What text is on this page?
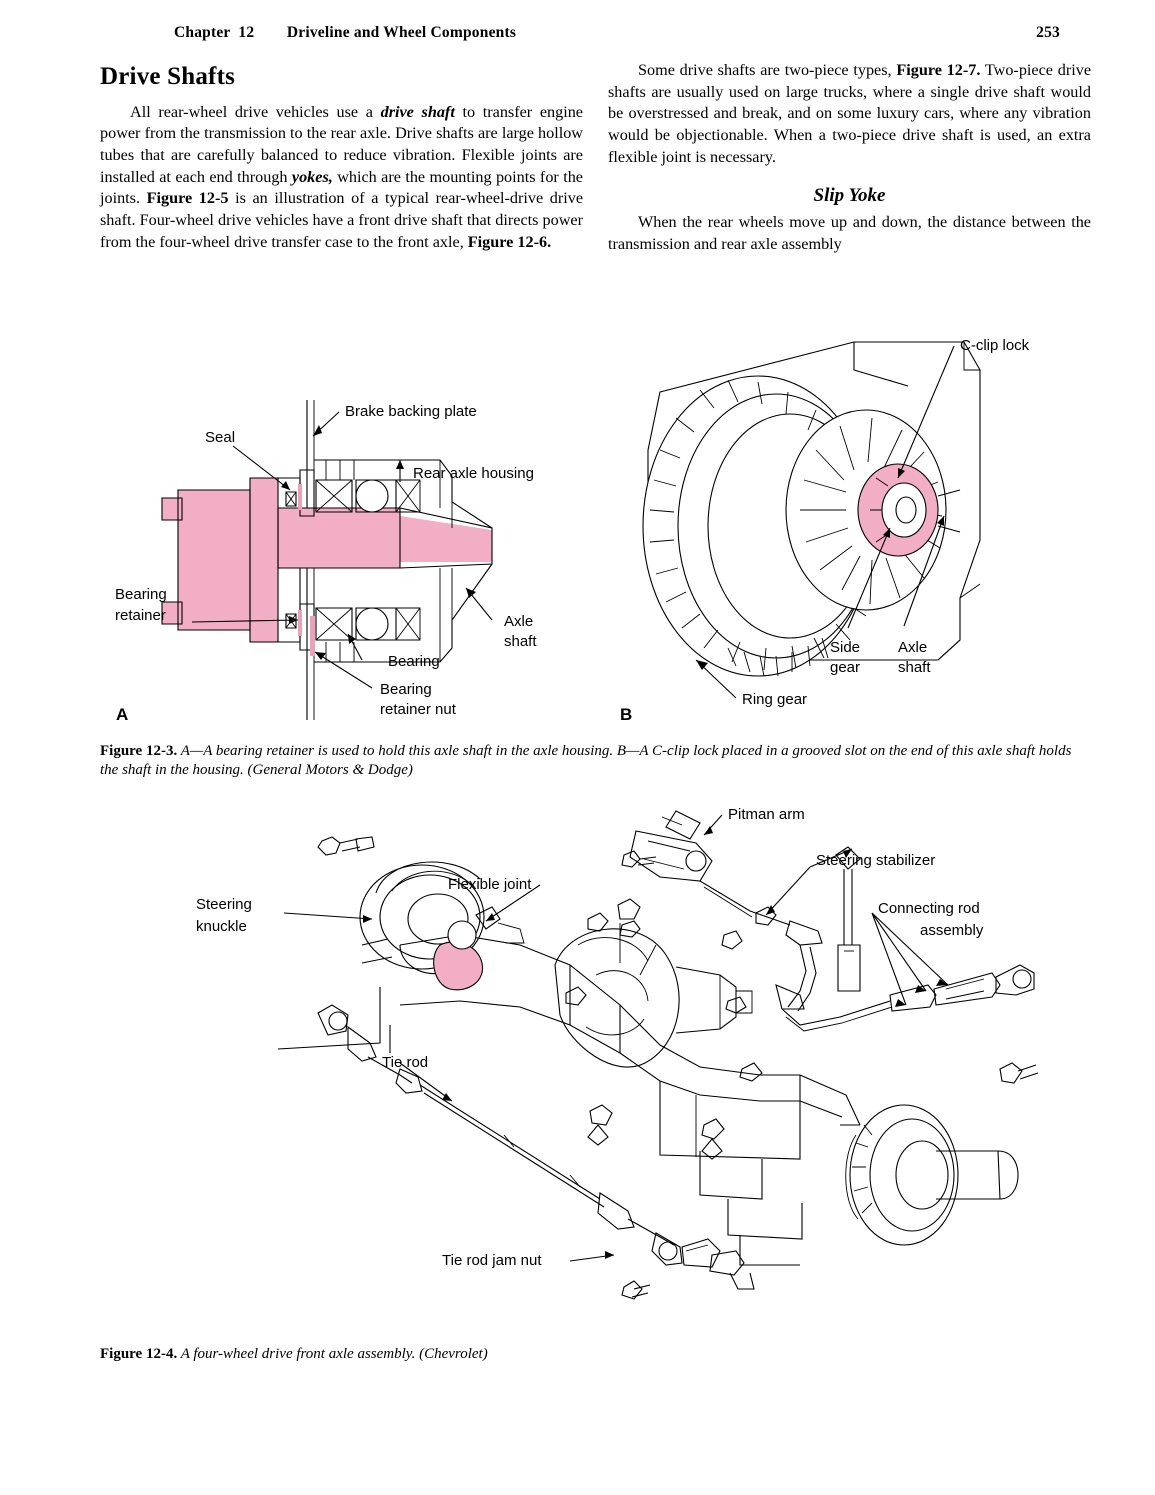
Chapter  12        Driveline and Wheel Components	253
Drive Shafts

All rear-wheel drive vehicles use a drive shaft to transfer engine power from the transmission to the rear axle. Drive shafts are large hollow tubes that are carefully balanced to reduce vibration. Flexible joints are installed at each end through yokes, which are the mounting points for the joints. Figure 12-5 is an illustration of a typical rear-wheel-drive drive shaft. Four-wheel drive vehicles have a front drive shaft that directs power from the four-wheel drive transfer case to the front axle, Figure 12-6.

Some drive shafts are two-piece types, Figure 12-7. Two-piece drive shafts are usually used on large trucks, where a single drive shaft would be overstressed and break, and on some luxury cars, where any vibration would be objectionable. When a two-piece drive shaft is used, an extra flexible joint is necessary.

Slip Yoke

When the rear wheels move up and down, the distance between the transmission and rear axle assembly

Brake backing plate
Seal
Rear axle housing
Bearing
retainer	Axle
shaft
Bearing
Bearing
retainer nut
A
C-clip lock
Side
gear
Axle
shaft
Ring gear
B
Figure 12-3. A—A bearing retainer is used to hold this axle shaft in the axle housing. B—A C-clip lock placed in a grooved slot on the end of this axle shaft holds the shaft in the housing. (General Motors & Dodge)
Pitman arm
Steering stabilizer
Connecting rod
assembly
Flexible joint
Steering
knuckle
Tie rod
Tie rod jam nut
Figure 12-4. A four-wheel drive front axle assembly. (Chevrolet)
